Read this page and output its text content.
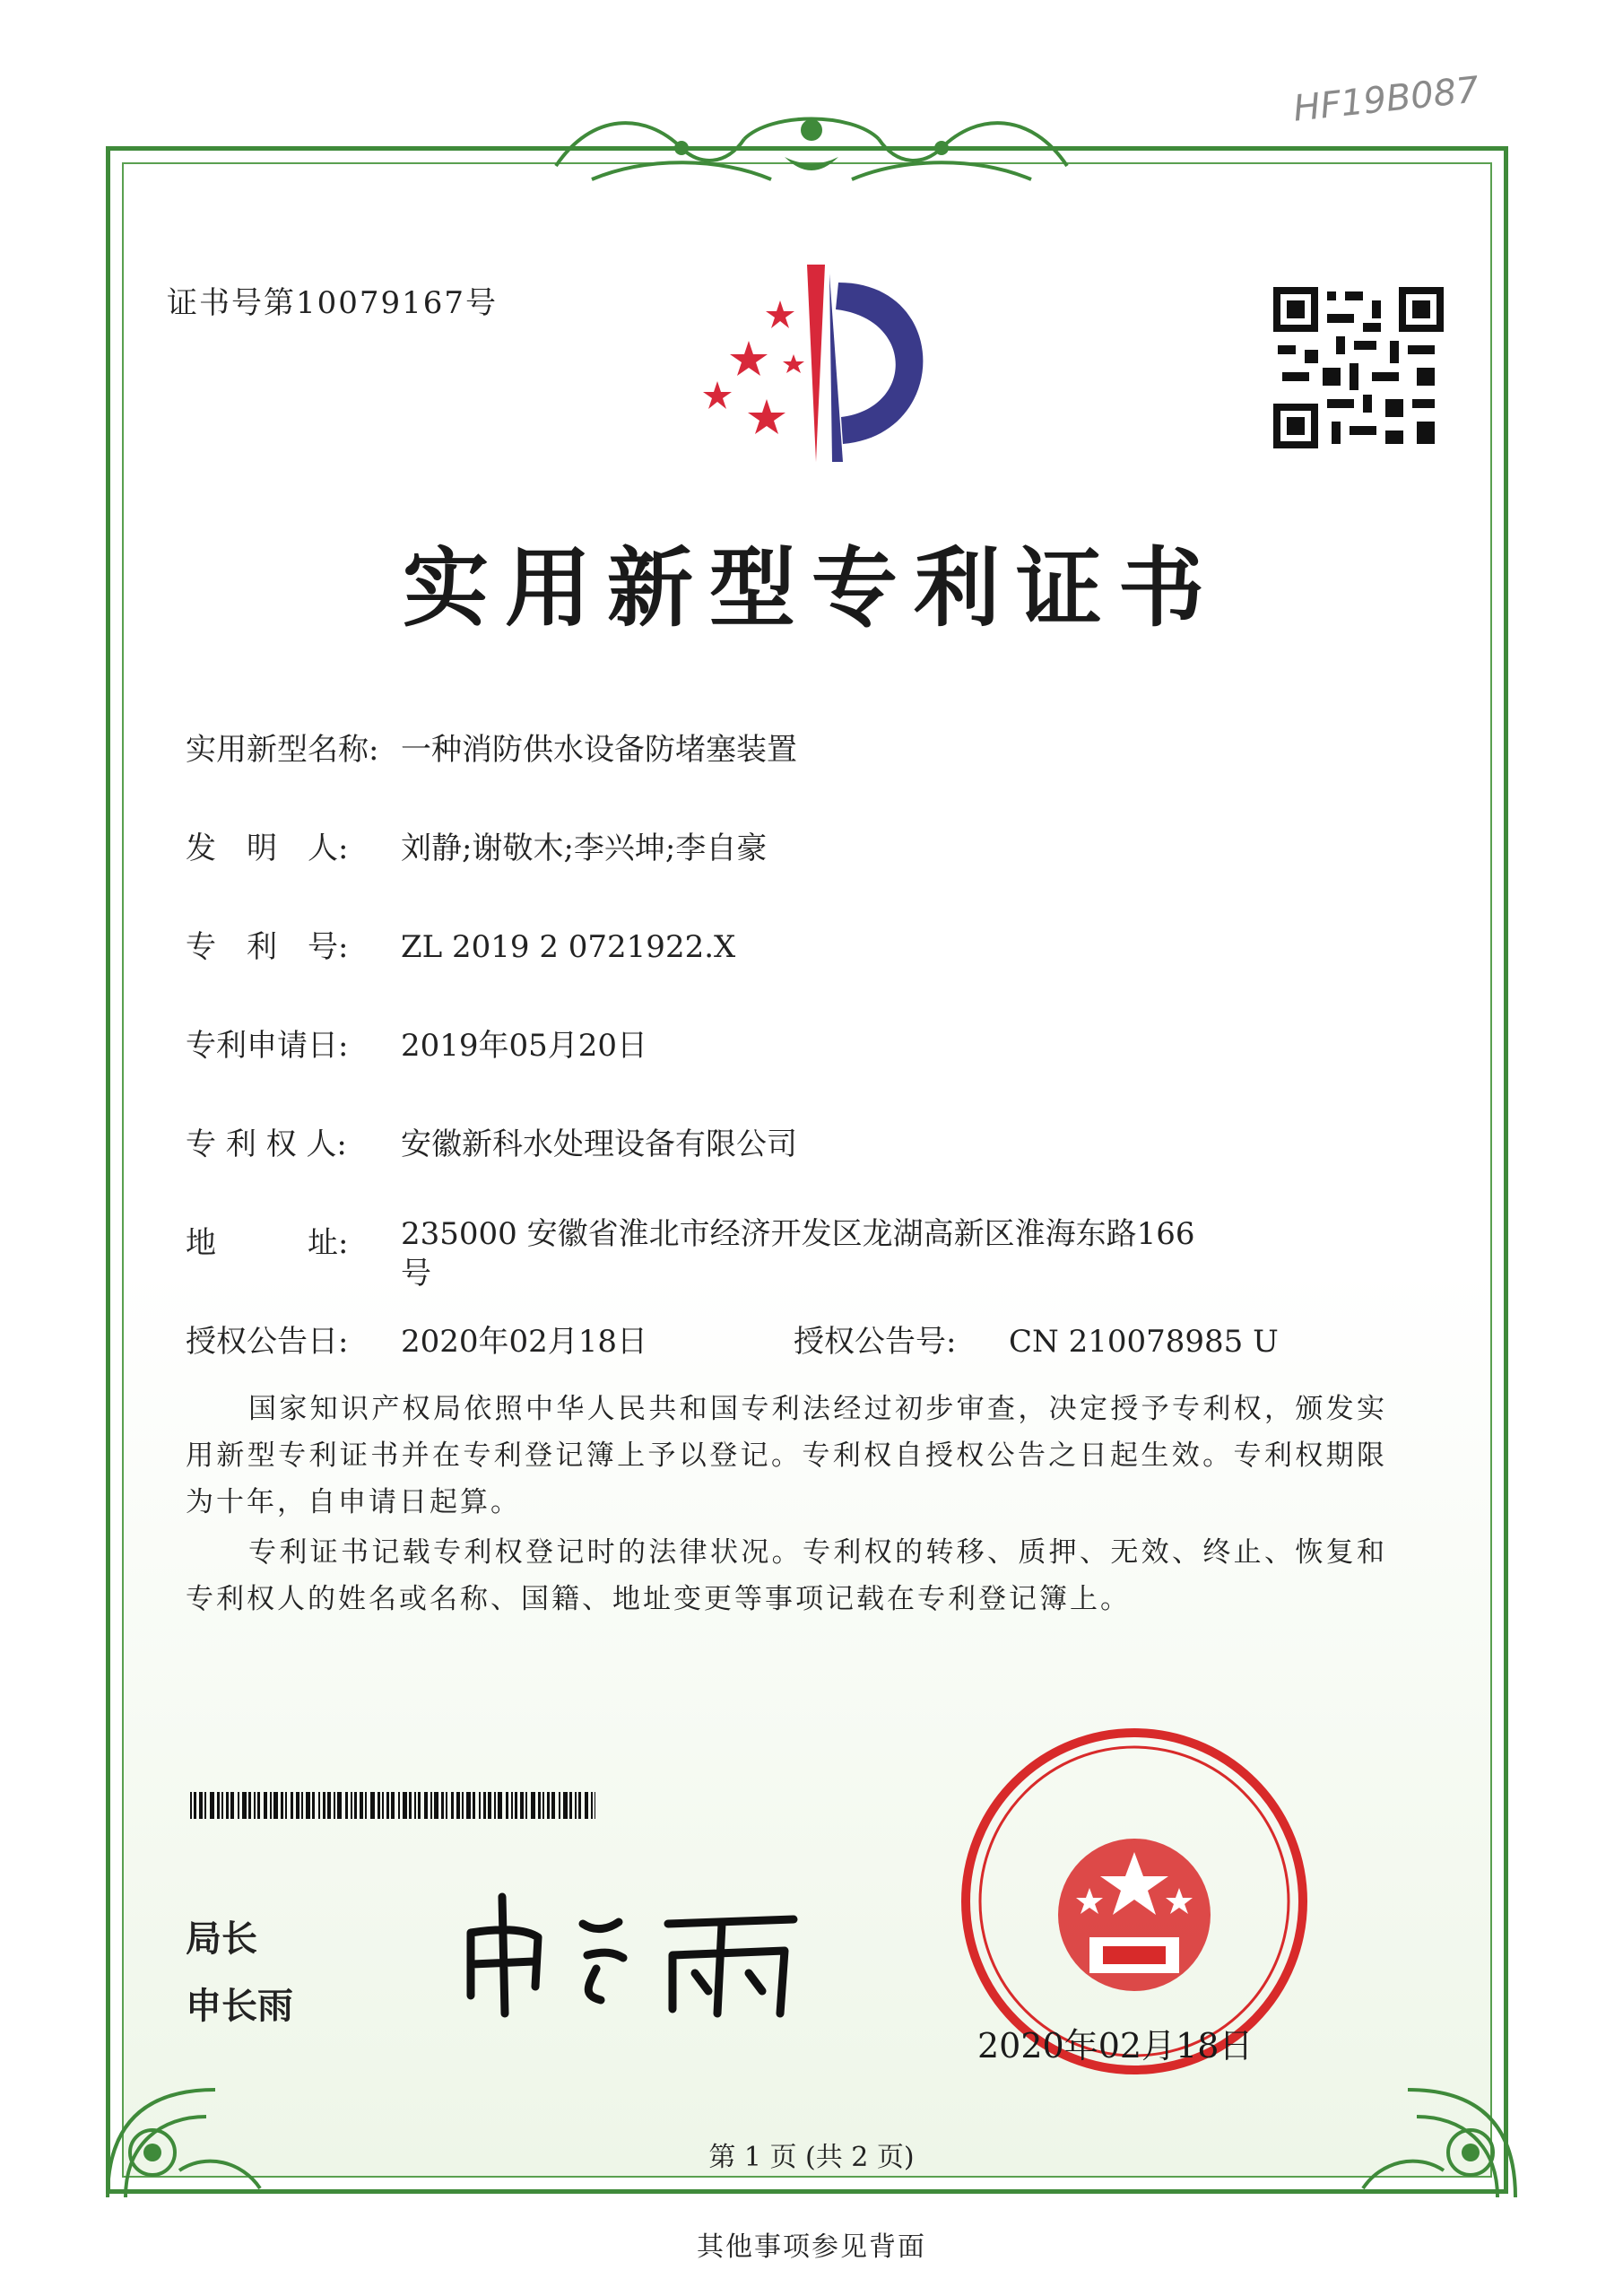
HF19B087
证书号第10079167号
实用新型专利证书
实用新型名称: 一种消防供水设备防堵塞装置
发　明　人: 刘静;谢敬木;李兴坤;李自豪
专　利　号: ZL 2019 2 0721922.X
专利申请日: 2019年05月20日
专 利 权 人: 安徽新科水处理设备有限公司
地　　　址:	235000 安徽省淮北市经济开发区龙湖高新区淮海东路166号
授权公告日: 2020年02月18日	授权公告号: CN 210078985 U
国家知识产权局依照中华人民共和国专利法经过初步审查，决定授予专利权，颁发实用新型专利证书并在专利登记簿上予以登记。专利权自授权公告之日起生效。专利权期限为十年，自申请日起算。
专利证书记载专利权登记时的法律状况。专利权的转移、质押、无效、终止、恢复和专利权人的姓名或名称、国籍、地址变更等事项记载在专利登记簿上。
局长
申长雨
2020年02月18日
第 1 页 (共 2 页)
其他事项参见背面
